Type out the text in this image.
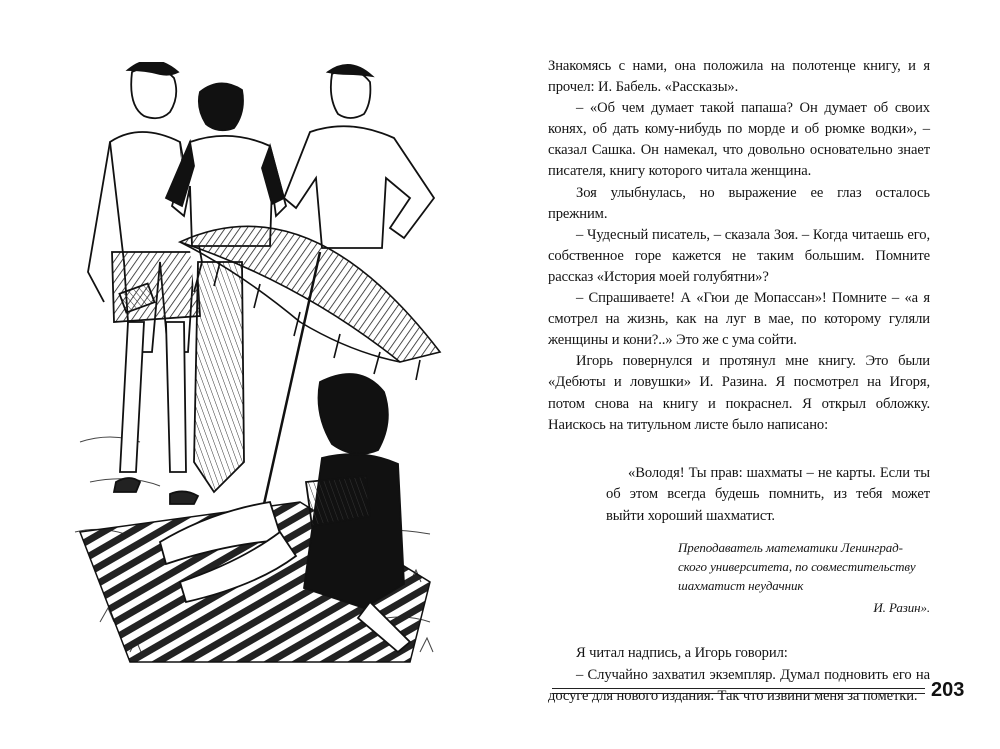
Знакомясь с нами, она положила на полотенце книгу, и я прочел: И. Бабель. «Рассказы».

– «Об чем думает такой папаша? Он думает об своих конях, об дать кому-нибудь по морде и об рюмке водки», – сказал Сашка. Он намекал, что довольно основательно знает писателя, книгу которого читала женщина.

Зоя улыбнулась, но выражение ее глаз осталось прежним.

– Чудесный писатель, – сказала Зоя. – Когда читаешь его, собственное горе кажется не таким большим. Помните рассказ «История моей голубятни»?

– Спрашиваете! А «Гюи де Мопассан»! Помните – «а я смотрел на жизнь, как на луг в мае, по которому гуляли женщины и кони?..» Это же с ума сойти.

Игорь повернулся и протянул мне книгу. Это были «Дебюты и ловушки» И. Разина. Я посмотрел на Игоря, потом снова на книгу и покраснел. Я открыл обложку. Наискось на титульном листе было написано:

«Володя! Ты прав: шахматы – не карты. Если ты об этом всегда будешь помнить, из тебя может выйти хороший шахматист.

Преподаватель математики Ленинград-
ского университета, по совместительству
шахматист неудачник
И. Разин».

Я читал надпись, а Игорь говорил:

– Случайно захватил экземпляр. Думал подновить его на досуге для нового издания. Так что извини меня за пометки. 203
